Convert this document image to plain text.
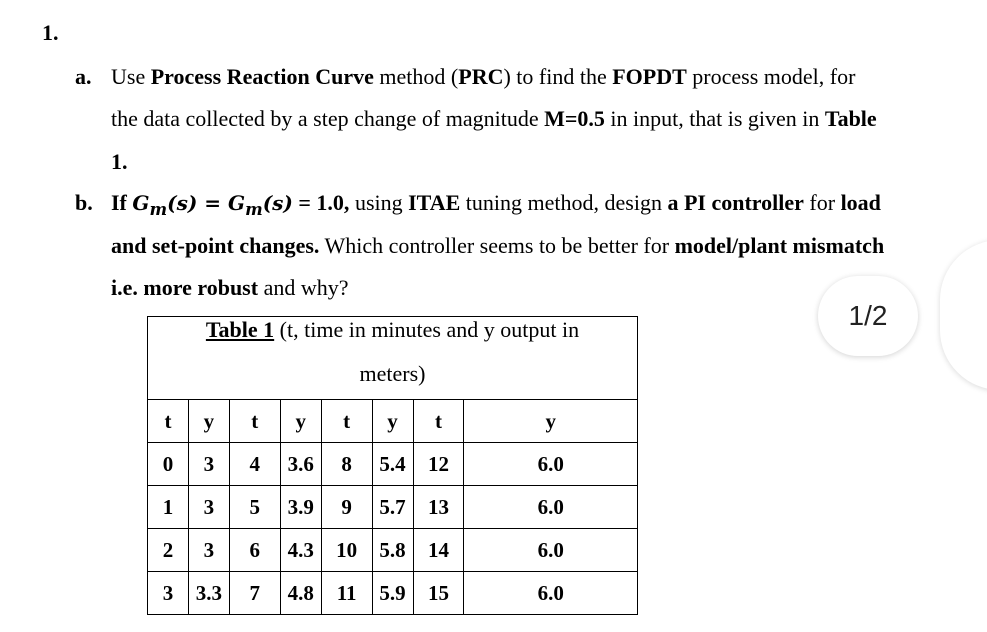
1.
a. Use Process Reaction Curve method (PRC) to find the FOPDT process model, for
the data collected by a step change of magnitude M=0.5 in input, that is given in Table
1.
b. If $G_m(s) = G_m(s) = 1.0$, using ITAE tuning method, design a PI controller for load
and set-point changes. Which controller seems to be better for model/plant mismatch
i.e. more robust and why?
Table 1 (t, time in minutes and y output in
meters)
t	y	t	y	t	y	t	y
0	3	4	3.6	8	5.4	12	6.0
1	3	5	3.9	9	5.7	13	6.0
2	3	6	4.3	10	5.8	14	6.0
3	3.3	7	4.8	11	5.9	15	6.0
1/2
